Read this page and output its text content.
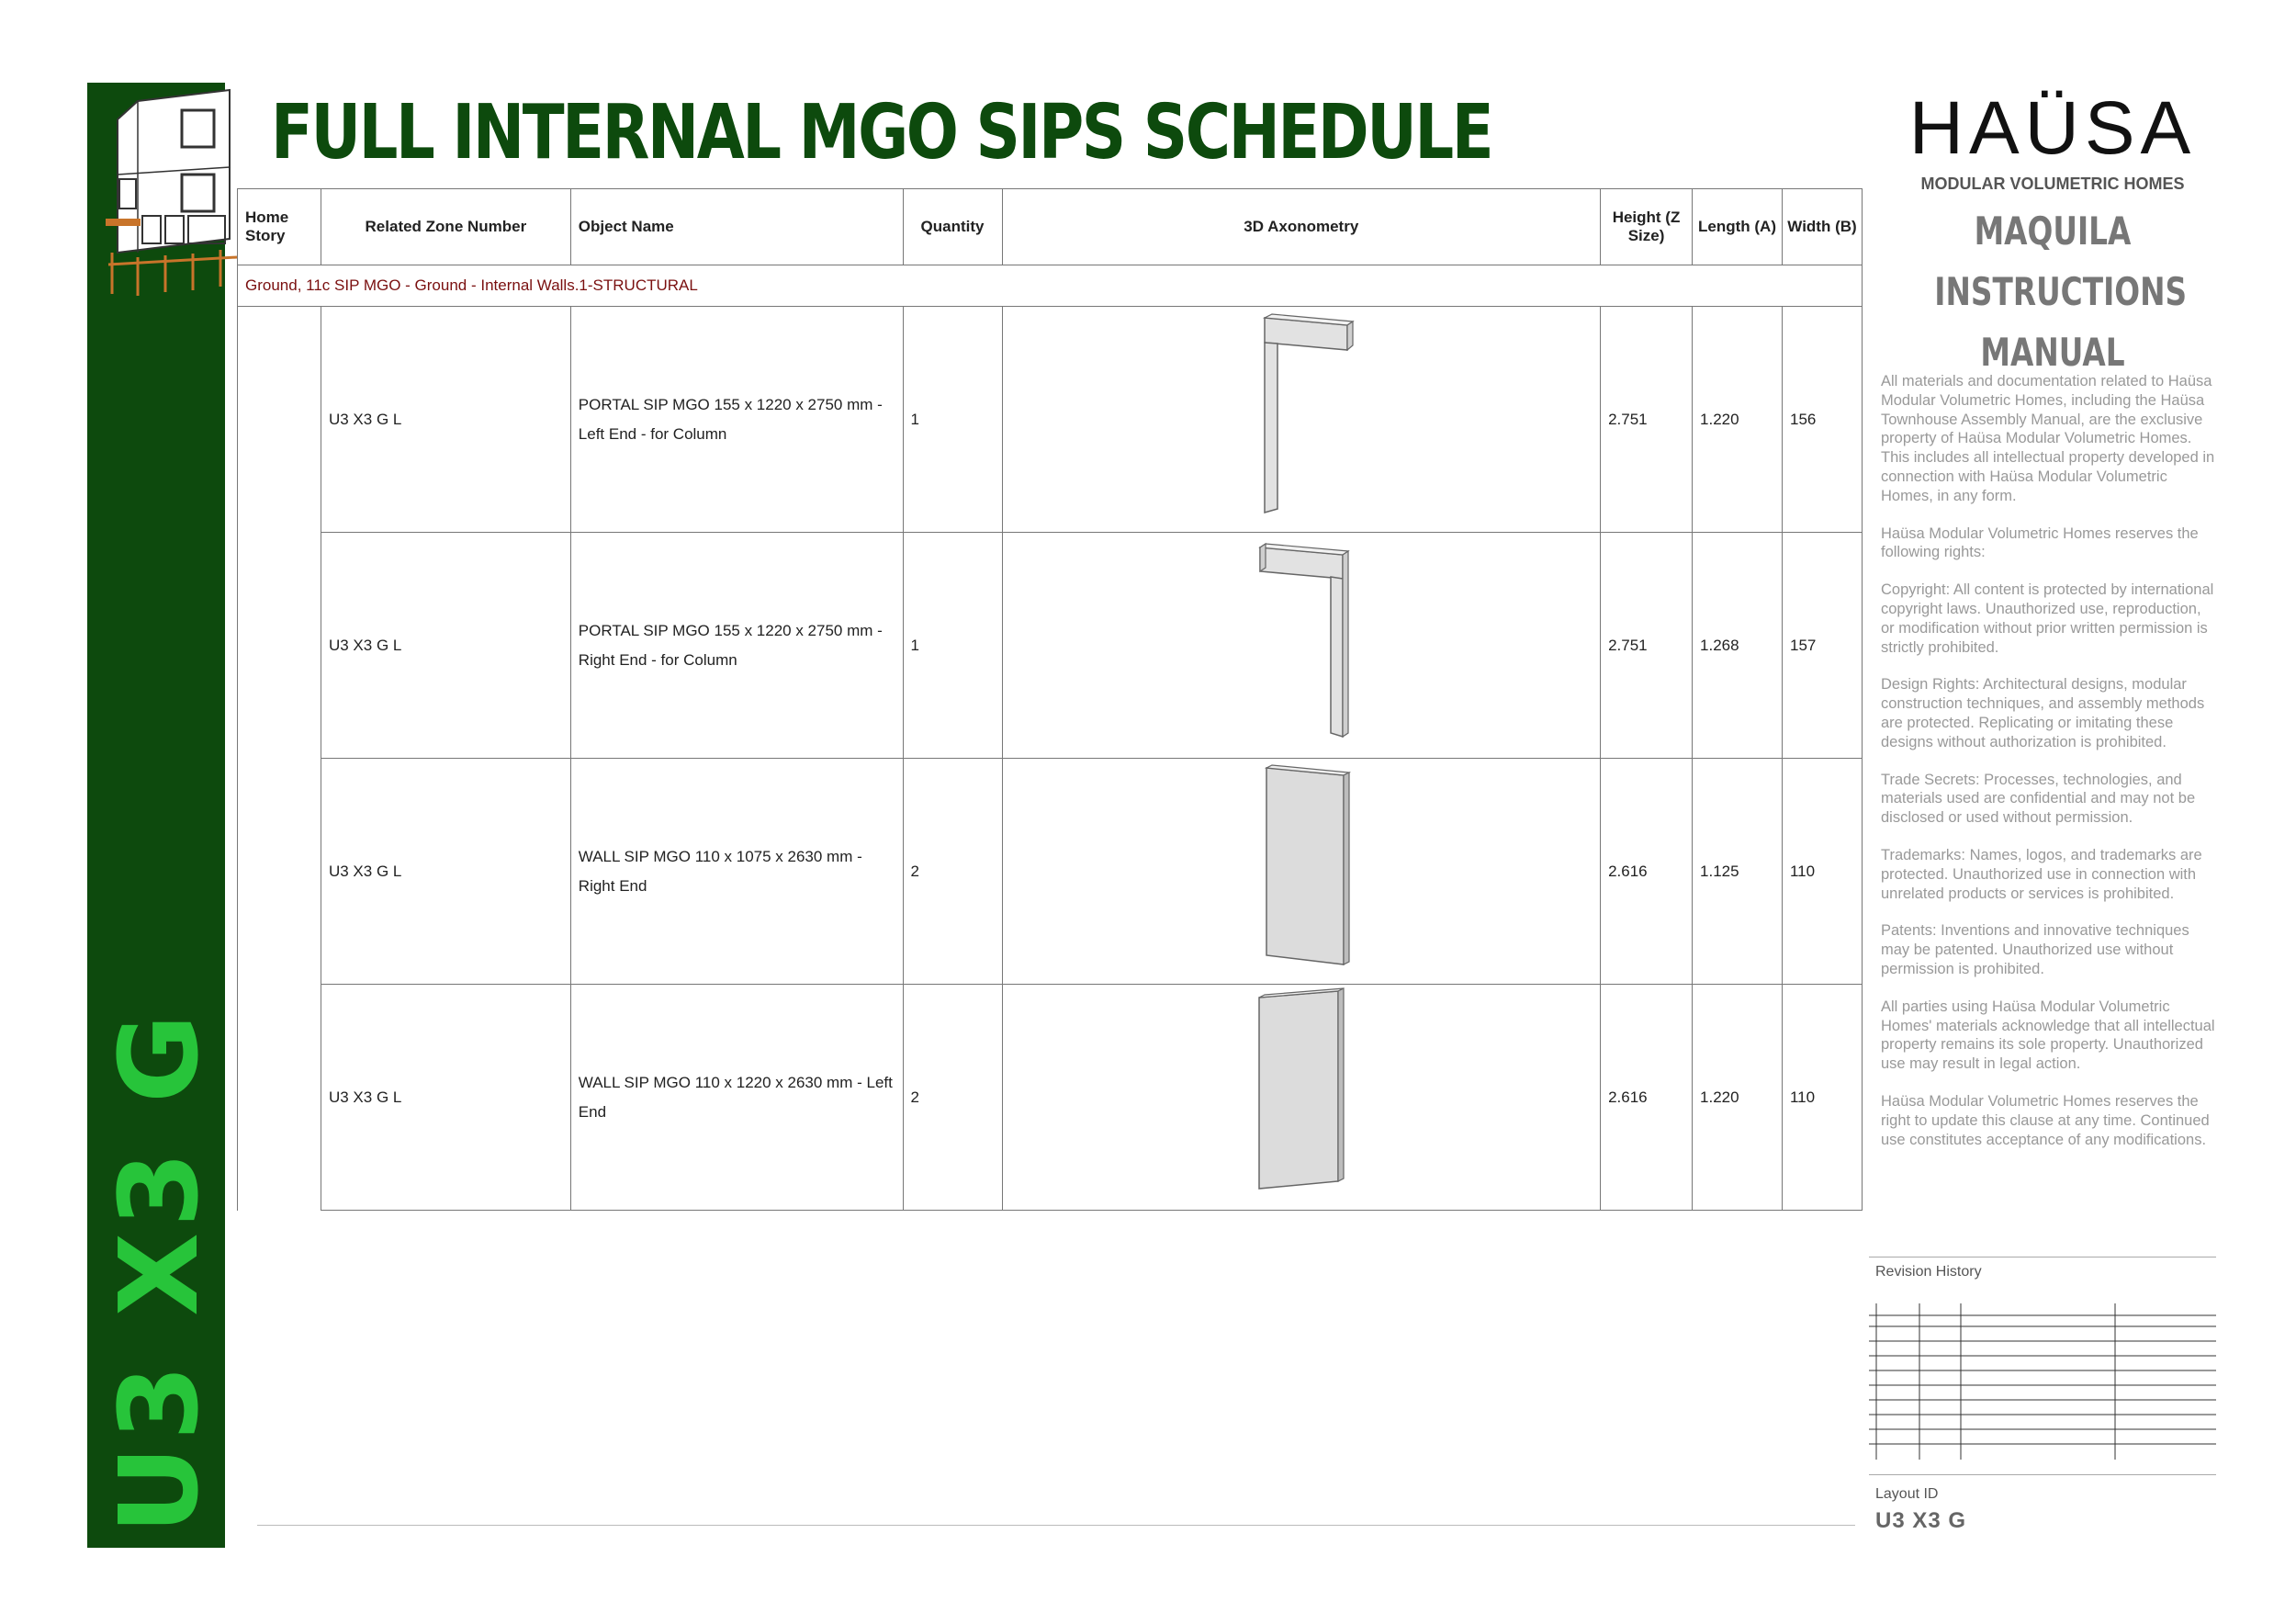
U3 X3 G
FULL INTERNAL MGO SIPS SCHEDULE
Home Story	Related Zone Number	Object Name	Quantity	3D Axonometry	Height (Z Size)	Length (A)	Width (B)
Ground, 11c SIP MGO - Ground - Internal Walls.1-STRUCTURAL							
	U3 X3 G L	PORTAL SIP MGO 155 x 1220 x 2750 mm - Left End - for Column	1		2.751	1.220	156
	U3 X3 G L	PORTAL SIP MGO 155 x 1220 x 2750 mm - Right End - for Column	1		2.751	1.268	157
	U3 X3 G L	WALL SIP MGO 110 x 1075 x 2630 mm - Right End	2		2.616	1.125	110
	U3 X3 G L	WALL SIP MGO 110 x 1220 x 2630 mm - Left End	2		2.616	1.220	110
HAÜSA
MODULAR VOLUMETRIC HOMES
MAQUILA
INSTRUCTIONS
MANUAL

All materials and documentation related to Haüsa Modular Volumetric Homes, including the Haüsa Townhouse Assembly Manual, are the exclusive property of Haüsa Modular Volumetric Homes. This includes all intellectual property developed in connection with Haüsa Modular Volumetric Homes, in any form.

Haüsa Modular Volumetric Homes reserves the following rights:

Copyright: All content is protected by international copyright laws. Unauthorized use, reproduction, or modification without prior written permission is strictly prohibited.

Design Rights: Architectural designs, modular construction techniques, and assembly methods are protected. Replicating or imitating these designs without authorization is prohibited.

Trade Secrets: Processes, technologies, and materials used are confidential and may not be disclosed or used without permission.

Trademarks: Names, logos, and trademarks are protected. Unauthorized use in connection with unrelated products or services is prohibited.

Patents: Inventions and innovative techniques may be patented. Unauthorized use without permission is prohibited.

All parties using Haüsa Modular Volumetric Homes' materials acknowledge that all intellectual property remains its sole property. Unauthorized use may result in legal action.

Haüsa Modular Volumetric Homes reserves the right to update this clause at any time. Continued use constitutes acceptance of any modifications.

Revision History
Layout ID
U3 X3 G
